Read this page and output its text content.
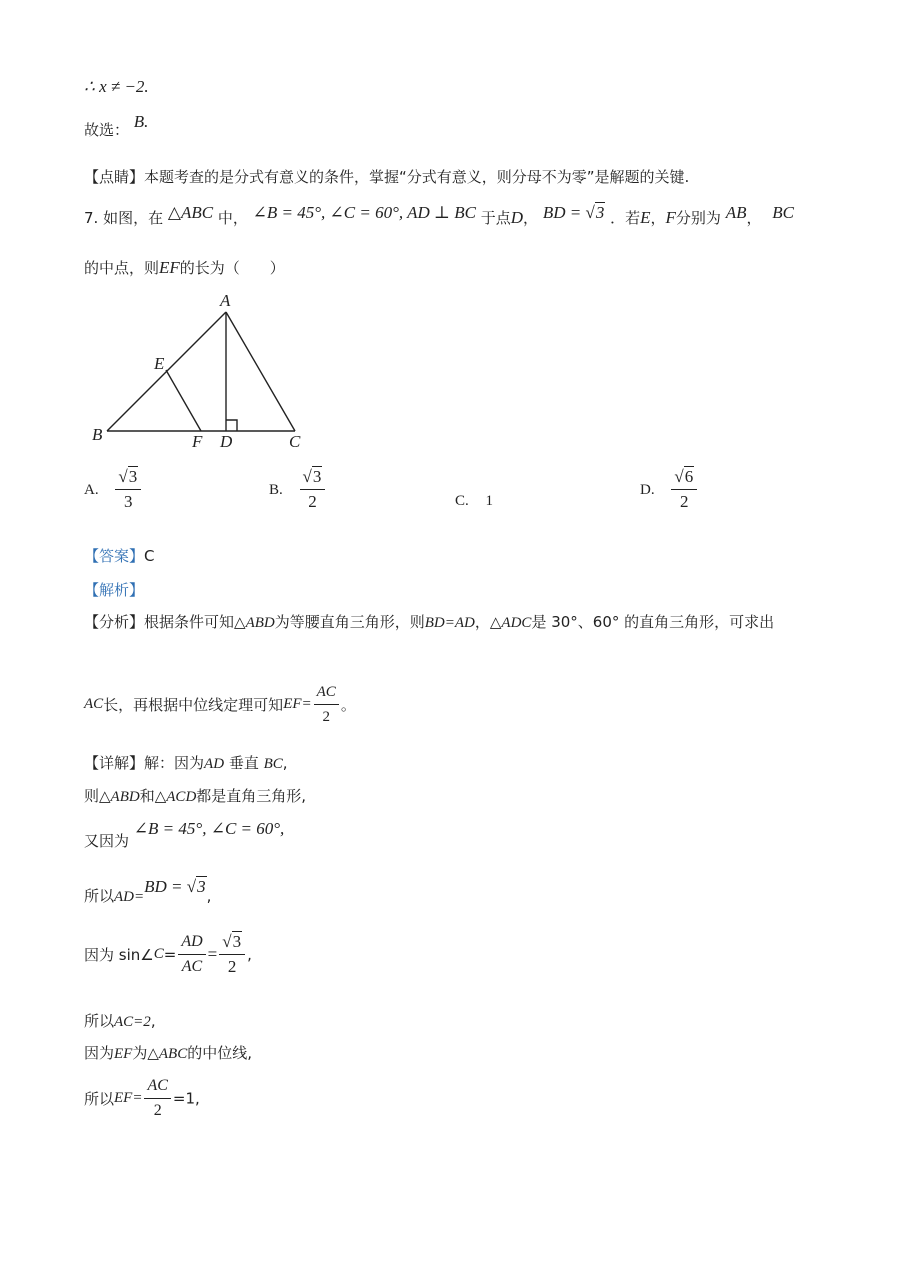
∴ x ≠ −2.
故选： B.
【点睛】本题考查的是分式有意义的条件，掌握“分式有意义，则分母不为零”是解题的关键.
7. 如图，在 △ABC 中， ∠B = 45°, ∠C = 60°, AD ⊥ BC 于点D， BD = √3 ．若E，F分别为 AB， BC
的中点，则EF的长为（　　）
A
B	C
D
E
F
A. $\frac{√3}{3}$	B. $\frac{√3}{2}$	C. 1
D. $\frac{√6}{2}$
【答案】C
【解析】
【分析】根据条件可知△ABD为等腰直角三角形，则BD=AD，△ADC是 30°、60° 的直角三角形，可求出
AC长，再根据中位线定理可知$EF= \frac{AC}{2}$ 。
【详解】解：因为AD 垂直 BC,
则△ABD和△ACD都是直角三角形,
又因为 ∠B = 45°, ∠C = 60°,
所以AD=BD = √3,
因为 sin∠C= $\frac{AD}{AC} = \frac{√3}{2}$ ,
所以AC=2,
因为EF为△ABC的中位线,
所以$EF= \frac{AC}{2} =1$,
